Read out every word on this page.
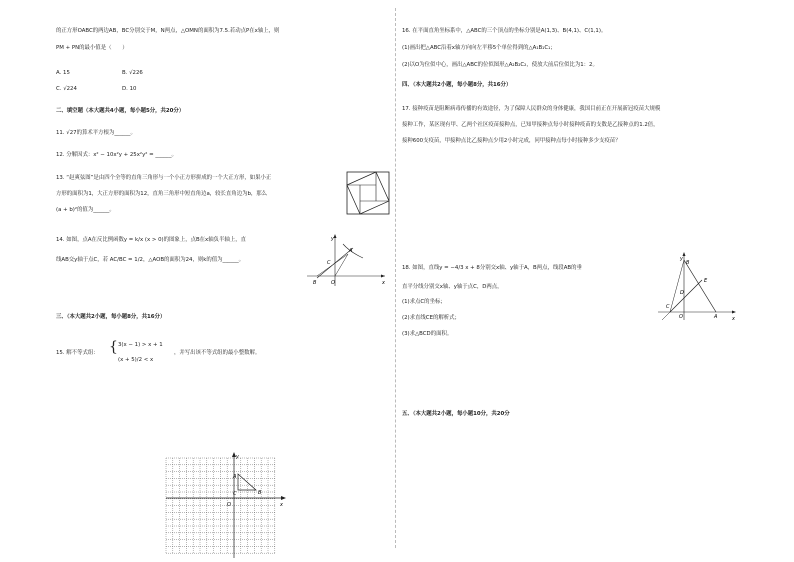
的正方形OABC的两边AB，BC分别交于M，N两点，△OMN的面积为7.5.若动点P在x轴上，则
PM + PN的最小值是（　　）
A. 15	B. √226
C. √224	D. 10
二、填空题（本大题共4小题，每小题5分，共20分）
11. √27的算术平方根为______。
12. 分解因式：x² − 10x²y + 25x²y² = ______。
13. “赵爽弦图”是由四个全等的直角三角形与一个小正方形拼成的一个大正方形，如果小正
方形的面积为1，大正方形的面积为12，直角三角形中短直角边a，较长直角边为b，那么
(a + b)²的值为______。
14. 如图，点A在反比例函数y = k/x (x > 0)的图象上，点B在x轴负半轴上，直
线AB交y轴于点C，若 AC/BC = 1/2，△AOB的面积为24，则k的值为______。
y
x
A
C
B	O
三、（本大题共2小题，每小题8分，共16分）
15. 解不等式组： { 3(x − 1) > x + 1
(x + 5)/2 < x
，并写出该不等式组的最小整数解。
y
x
A
B
C
O
16. 在平面直角坐标系中，△ABC的三个顶点的坐标分别是A(1,3)、B(4,1)、C(1,1)。
(1)画出把△ABC沿着x轴方向向左平移5个单位得到的△A₁B₁C₁；
(2)以O为位似中心，画出△ABC的位似图形△A₂B₂C₂，使放大前后位似比为1：2。
四、（本大题共2小题，每小题8分，共16分）
17. 接种疫苗是阻断病毒传播的有效途径，为了保障人民群众的身体健康，我国目前正在开展新冠疫苗大规模
接种工作，某区现有甲、乙两个社区疫苗接种点，已知甲接种点每小时接种疫苗的支数是乙接种点的1.2倍，
接种600支疫苗，甲接种点比乙接种点少用2小时完成，问甲接种点每小时接种多少支疫苗？
18. 如图，直线y = −4/3 x + 8分别交x轴、y轴于A，B两点，线段AB的垂
直平分线分别交x轴、y轴于点C，D两点，
(1)求点C的坐标；
(2)求直线CE的解析式；
(3)求△BCD的面积。
五、（本大题共2小题，每小题10分，共20分
y
x
B
E
D
C
O	A
